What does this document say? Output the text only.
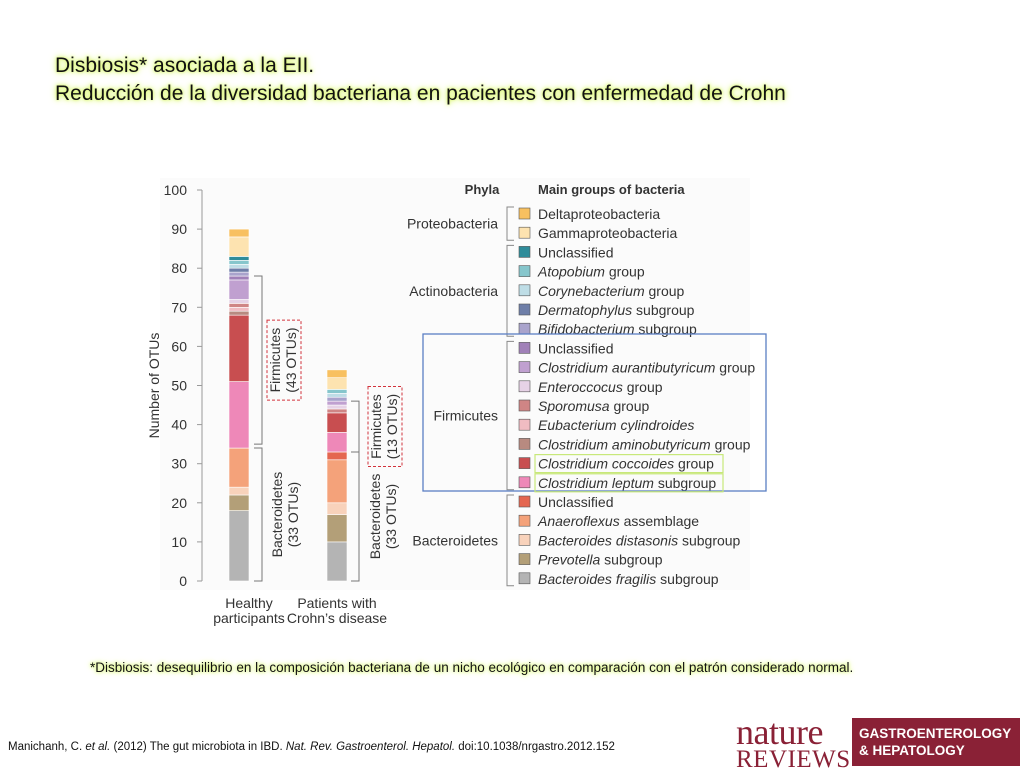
Disbiosis* asociada a la EII.
Reducción de la diversidad bacteriana en pacientes con enfermedad de Crohn
0
10
20
30
40
50
60
70
80
90
100
Number of OTUs
Healthy
participants
Patients with
Crohn’s disease
Firmicutes (43 OTUs)
Bacteroidetes (33 OTUs)
Firmicutes (13 OTUs)
Bacteroidetes (33 OTUs)
Phyla	Main groups of bacteria
Deltaproteobacteria
Gammaproteobacteria
Unclassified
Atopobium group
Corynebacterium group
Dermatophylus subgroup
Bifidobacterium subgroup
Unclassified
Clostridium aurantibutyricum group
Enteroccocus group
Sporomusa group
Eubacterium cylindroides
Clostridium aminobutyricum group
Clostridium coccoides group
Clostridium leptum subgroup
Unclassified
Anaeroflexus assemblage
Bacteroides distasonis subgroup
Prevotella subgroup
Bacteroides fragilis subgroup
Proteobacteria
Actinobacteria
Firmicutes
Bacteroidetes
*Disbiosis: desequilibrio en la composición bacteriana de un nicho ecológico en comparación con el patrón considerado normal.
Manichanh, C. et al. (2012) The gut microbiota in IBD. Nat. Rev. Gastroenterol. Hepatol. doi:10.1038/nrgastro.2012.152	nature
REVIEWS
GASTROENTEROLOGY
& HEPATOLOGY
